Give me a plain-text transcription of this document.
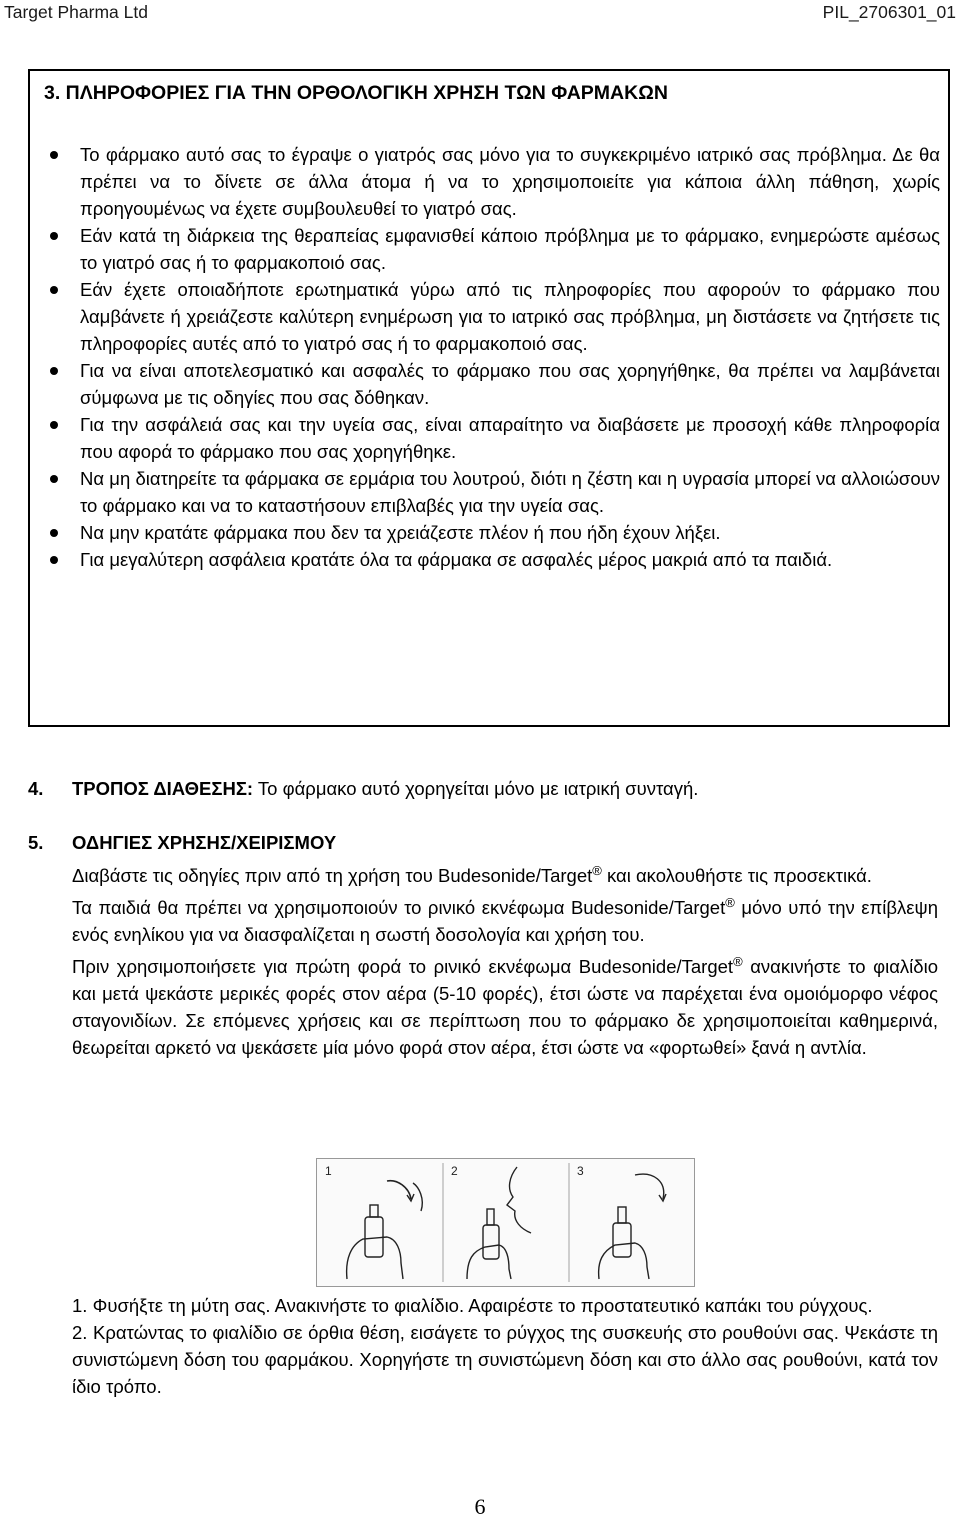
Target Pharma Ltd	PIL_2706301_01
3. ΠΛΗΡΟΦΟΡΙΕΣ ΓΙΑ ΤΗΝ ΟΡΘΟΛΟΓΙΚΗ ΧΡΗΣΗ ΤΩΝ ΦΑΡΜΑΚΩΝ
Το φάρμακο αυτό σας το έγραψε ο γιατρός σας μόνο για το συγκεκριμένο ιατρικό σας πρόβλημα. Δε θα πρέπει να το δίνετε σε άλλα άτομα ή να το χρησιμοποιείτε για κάποια άλλη πάθηση, χωρίς προηγουμένως να έχετε συμβουλευθεί το γιατρό σας.
Εάν κατά τη διάρκεια της θεραπείας εμφανισθεί κάποιο πρόβλημα με το φάρμακο, ενημερώστε αμέσως το γιατρό σας ή το φαρμακοποιό σας.
Εάν έχετε οποιαδήποτε ερωτηματικά γύρω από τις πληροφορίες που αφορούν το φάρμακο που λαμβάνετε ή χρειάζεστε καλύτερη ενημέρωση για το ιατρικό σας πρόβλημα, μη διστάσετε να ζητήσετε τις πληροφορίες αυτές από το γιατρό σας ή το φαρμακοποιό σας.
Για να είναι αποτελεσματικό και ασφαλές το φάρμακο που σας χορηγήθηκε, θα πρέπει να λαμβάνεται σύμφωνα με τις οδηγίες που σας δόθηκαν.
Για την ασφάλειά σας και την υγεία σας, είναι απαραίτητο να διαβάσετε με προσοχή κάθε πληροφορία που αφορά το φάρμακο που σας χορηγήθηκε.
Να μη διατηρείτε τα φάρμακα σε ερμάρια του λουτρού, διότι η ζέστη και η υγρασία μπορεί να αλλοιώσουν το φάρμακο και να το καταστήσουν επιβλαβές για την υγεία σας.
Να μην κρατάτε φάρμακα που δεν τα χρειάζεστε πλέον ή που ήδη έχουν λήξει.
Για μεγαλύτερη ασφάλεια κρατάτε όλα τα φάρμακα σε ασφαλές μέρος μακριά από τα παιδιά.
4. ΤΡΟΠΟΣ ΔΙΑΘΕΣΗΣ: Το φάρμακο αυτό χορηγείται μόνο με ιατρική συνταγή.
5. ΟΔΗΓΙΕΣ ΧΡΗΣΗΣ/ΧΕΙΡΙΣΜΟΥ

Διαβάστε τις οδηγίες πριν από τη χρήση του Budesonide/Target® και ακολουθήστε τις προσεκτικά.

Τα παιδιά θα πρέπει να χρησιμοποιούν το ρινικό εκνέφωμα Budesonide/Target® μόνο υπό την επίβλεψη ενός ενηλίκου για να διασφαλίζεται η σωστή δοσολογία και χρήση του.

Πριν χρησιμοποιήσετε για πρώτη φορά το ρινικό εκνέφωμα Budesonide/Target® ανακινήστε το φιαλίδιο και μετά ψεκάστε μερικές φορές στον αέρα (5-10 φορές), έτσι ώστε να παρέχεται ένα ομοιόμορφο νέφος σταγονιδίων. Σε επόμενες χρήσεις και σε περίπτωση που το φάρμακο δε χρησιμοποιείται καθημερινά, θεωρείται αρκετό να ψεκάσετε μία μόνο φορά στον αέρα, έτσι ώστε να «φορτωθεί» ξανά η αντλία.

1	2	3

1. Φυσήξτε τη μύτη σας. Ανακινήστε το φιαλίδιο. Αφαιρέστε το προστατευτικό καπάκι του ρύγχους.

2. Κρατώντας το φιαλίδιο σε όρθια θέση, εισάγετε το ρύγχος της συσκευής στο ρουθούνι σας. Ψεκάστε τη συνιστώμενη δόση του φαρμάκου. Χορηγήστε τη συνιστώμενη δόση και στο άλλο σας ρουθούνι, κατά τον ίδιο τρόπο.

6
